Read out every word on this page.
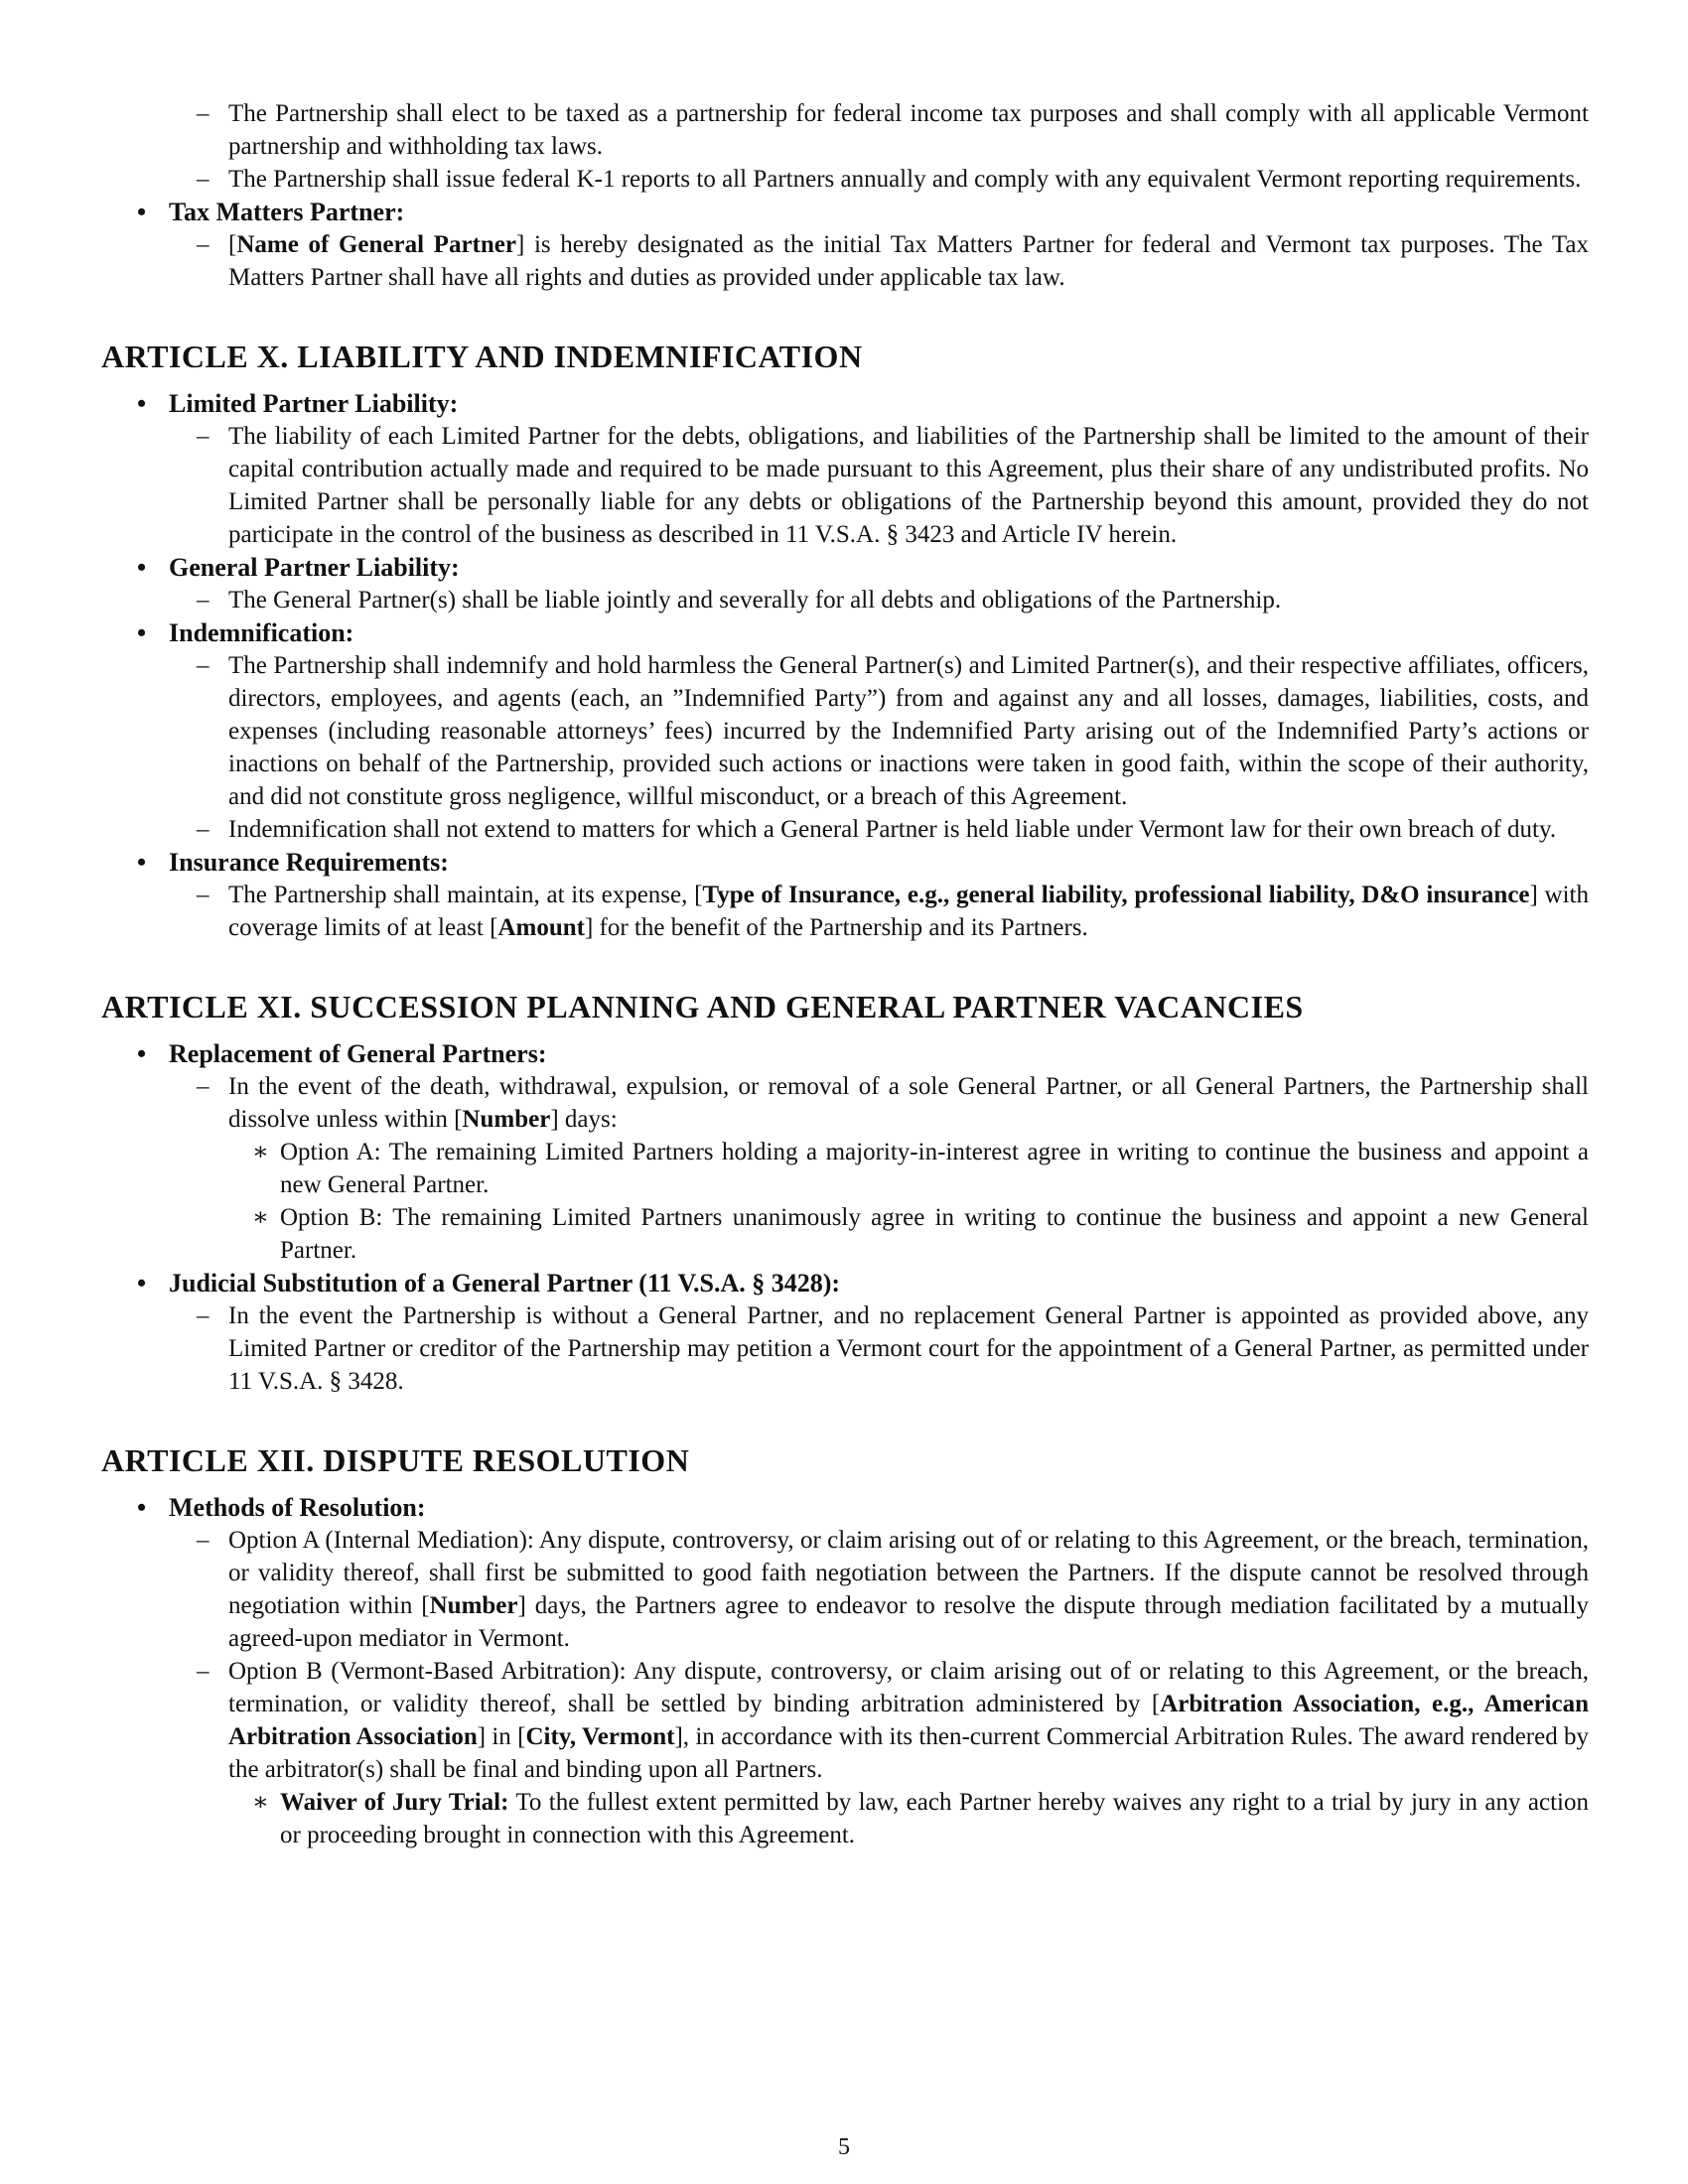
– The Partnership shall elect to be taxed as a partnership for federal income tax purposes and shall comply with all applicable Vermont partnership and withholding tax laws.
– The Partnership shall issue federal K-1 reports to all Partners annually and comply with any equivalent Vermont reporting requirements.
• Tax Matters Partner:
– [Name of General Partner] is hereby designated as the initial Tax Matters Partner for federal and Vermont tax purposes. The Tax Matters Partner shall have all rights and duties as provided under applicable tax law.
ARTICLE X. LIABILITY AND INDEMNIFICATION
• Limited Partner Liability:
– The liability of each Limited Partner for the debts, obligations, and liabilities of the Partnership shall be limited to the amount of their capital contribution actually made and required to be made pursuant to this Agreement, plus their share of any undistributed profits. No Limited Partner shall be personally liable for any debts or obligations of the Partnership beyond this amount, provided they do not participate in the control of the business as described in 11 V.S.A. § 3423 and Article IV herein.
• General Partner Liability:
– The General Partner(s) shall be liable jointly and severally for all debts and obligations of the Partnership.
• Indemnification:
– The Partnership shall indemnify and hold harmless the General Partner(s) and Limited Partner(s), and their respective affiliates, officers, directors, employees, and agents (each, an ”Indemnified Party”) from and against any and all losses, damages, liabilities, costs, and expenses (including reasonable attorneys’ fees) incurred by the Indemnified Party arising out of the Indemnified Party’s actions or inactions on behalf of the Partnership, provided such actions or inactions were taken in good faith, within the scope of their authority, and did not constitute gross negligence, willful misconduct, or a breach of this Agreement.
– Indemnification shall not extend to matters for which a General Partner is held liable under Vermont law for their own breach of duty.
• Insurance Requirements:
– The Partnership shall maintain, at its expense, [Type of Insurance, e.g., general liability, professional liability, D&O insurance] with coverage limits of at least [Amount] for the benefit of the Partnership and its Partners.
ARTICLE XI. SUCCESSION PLANNING AND GENERAL PARTNER VACANCIES
• Replacement of General Partners:
– In the event of the death, withdrawal, expulsion, or removal of a sole General Partner, or all General Partners, the Partnership shall dissolve unless within [Number] days:
∗ Option A: The remaining Limited Partners holding a majority-in-interest agree in writing to continue the business and appoint a new General Partner.
∗ Option B: The remaining Limited Partners unanimously agree in writing to continue the business and appoint a new General Partner.
• Judicial Substitution of a General Partner (11 V.S.A. § 3428):
– In the event the Partnership is without a General Partner, and no replacement General Partner is appointed as provided above, any Limited Partner or creditor of the Partnership may petition a Vermont court for the appointment of a General Partner, as permitted under 11 V.S.A. § 3428.
ARTICLE XII. DISPUTE RESOLUTION
• Methods of Resolution:
– Option A (Internal Mediation): Any dispute, controversy, or claim arising out of or relating to this Agreement, or the breach, termination, or validity thereof, shall first be submitted to good faith negotiation between the Partners. If the dispute cannot be resolved through negotiation within [Number] days, the Partners agree to endeavor to resolve the dispute through mediation facilitated by a mutually agreed-upon mediator in Vermont.
– Option B (Vermont-Based Arbitration): Any dispute, controversy, or claim arising out of or relating to this Agreement, or the breach, termination, or validity thereof, shall be settled by binding arbitration administered by [Arbitration Association, e.g., American Arbitration Association] in [City, Vermont], in accordance with its then-current Commercial Arbitration Rules. The award rendered by the arbitrator(s) shall be final and binding upon all Partners.
∗ Waiver of Jury Trial: To the fullest extent permitted by law, each Partner hereby waives any right to a trial by jury in any action or proceeding brought in connection with this Agreement.
5
